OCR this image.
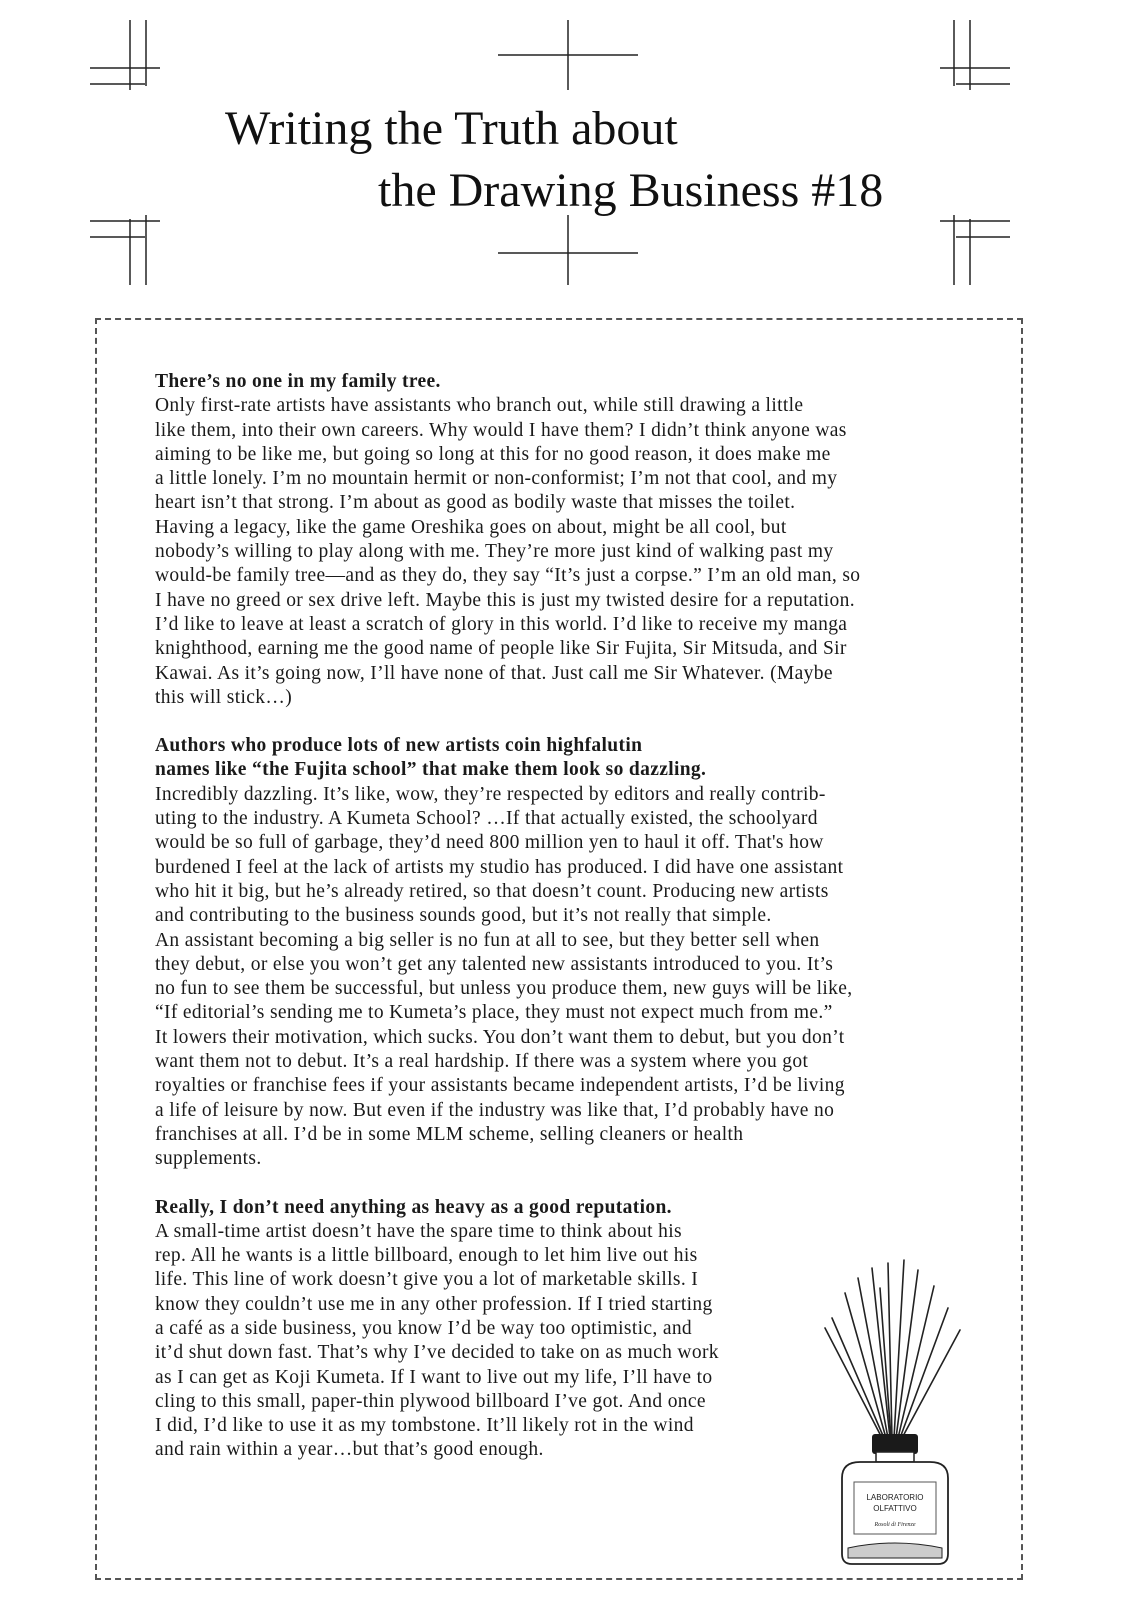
Writing the Truth about
the Drawing Business #18

There’s no one in my family tree.

Only first-rate artists have assistants who branch out, while still drawing a little

like them, into their own careers. Why would I have them? I didn’t think anyone was

aiming to be like me, but going so long at this for no good reason, it does make me

a little lonely. I’m no mountain hermit or non-conformist; I’m not that cool, and my

heart isn’t that strong. I’m about as good as bodily waste that misses the toilet.

Having a legacy, like the game Oreshika goes on about, might be all cool, but

nobody’s willing to play along with me. They’re more just kind of walking past my

would-be family tree—and as they do, they say “It’s just a corpse.” I’m an old man, so

I have no greed or sex drive left. Maybe this is just my twisted desire for a reputation.

I’d like to leave at least a scratch of glory in this world. I’d like to receive my manga

knighthood, earning me the good name of people like Sir Fujita, Sir Mitsuda, and Sir

Kawai. As it’s going now, I’ll have none of that. Just call me Sir Whatever. (Maybe

this will stick…)

Authors who produce lots of new artists coin highfalutin

names like “the Fujita school” that make them look so dazzling.

Incredibly dazzling. It’s like, wow, they’re respected by editors and really contrib-

uting to the industry. A Kumeta School? …If that actually existed, the schoolyard

would be so full of garbage, they’d need 800 million yen to haul it off. That's how

burdened I feel at the lack of artists my studio has produced. I did have one assistant

who hit it big, but he’s already retired, so that doesn’t count. Producing new artists

and contributing to the business sounds good, but it’s not really that simple.

An assistant becoming a big seller is no fun at all to see, but they better sell when

they debut, or else you won’t get any talented new assistants introduced to you. It’s

no fun to see them be successful, but unless you produce them, new guys will be like,

“If editorial’s sending me to Kumeta’s place, they must not expect much from me.”

It lowers their motivation, which sucks. You don’t want them to debut, but you don’t

want them not to debut. It’s a real hardship. If there was a system where you got

royalties or franchise fees if your assistants became independent artists, I’d be living

a life of leisure by now. But even if the industry was like that, I’d probably have no

franchises at all. I’d be in some MLM scheme, selling cleaners or health

supplements.

Really, I don’t need anything as heavy as a good reputation.

A small-time artist doesn’t have the spare time to think about his

rep. All he wants is a little billboard, enough to let him live out his

life. This line of work doesn’t give you a lot of marketable skills. I

know they couldn’t use me in any other profession. If I tried starting

a café as a side business, you know I’d be way too optimistic, and

it’d shut down fast. That’s why I’ve decided to take on as much work

as I can get as Koji Kumeta. If I want to live out my life, I’ll have to

cling to this small, paper-thin plywood billboard I’ve got. And once

I did, I’d like to use it as my tombstone. It’ll likely rot in the wind

and rain within a year…but that’s good enough.

LABORATORIO
OLFATTIVO
Rosoli di Firenze
